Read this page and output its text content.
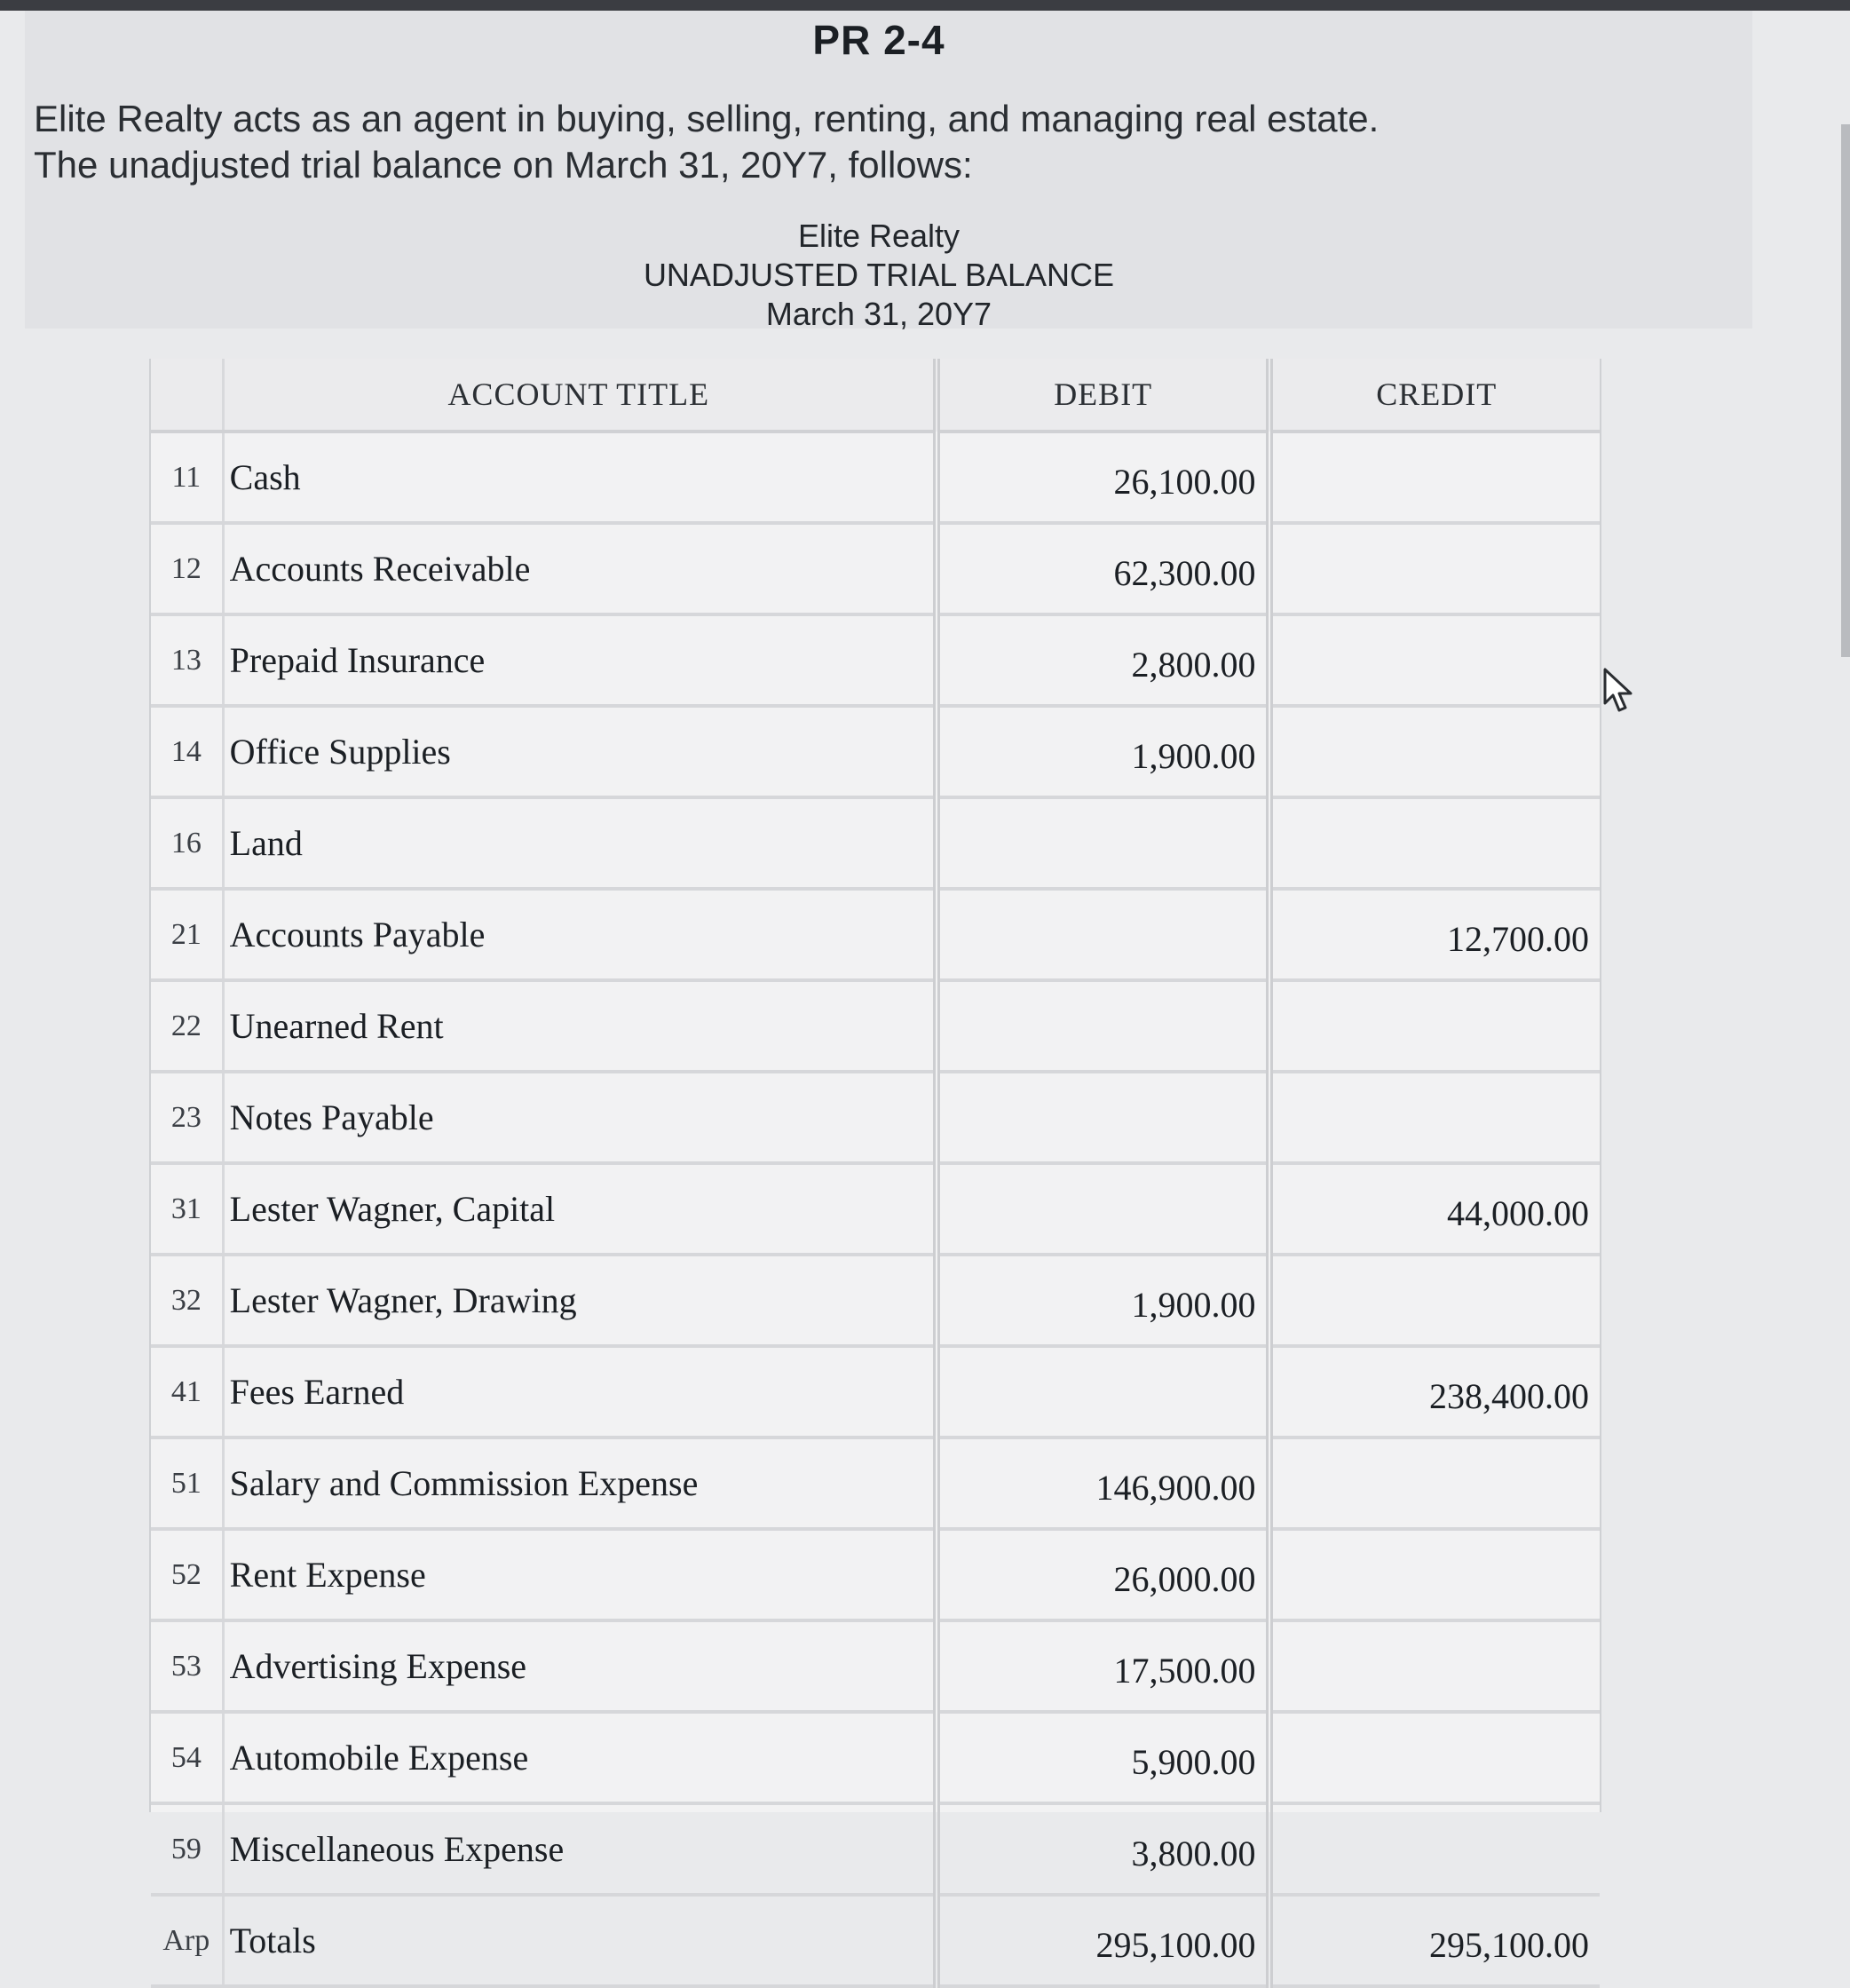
PR 2-4
Elite Realty acts as an agent in buying, selling, renting, and managing real estate.
The unadjusted trial balance on March 31, 20Y7, follows:
Elite Realty
UNADJUSTED TRIAL BALANCE
March 31, 20Y7
	ACCOUNT TITLE	DEBIT	CREDIT
11	Cash	26,100.00	
12	Accounts Receivable	62,300.00	
13	Prepaid Insurance	2,800.00	
14	Office Supplies	1,900.00	
16	Land		
21	Accounts Payable		12,700.00
22	Unearned Rent		
23	Notes Payable		
31	Lester Wagner, Capital		44,000.00
32	Lester Wagner, Drawing	1,900.00	
41	Fees Earned		238,400.00
51	Salary and Commission Expense	146,900.00	
52	Rent Expense	26,000.00	
53	Advertising Expense	17,500.00	
54	Automobile Expense	5,900.00	
59	Miscellaneous Expense	3,800.00	
Arp	Totals	295,100.00	295,100.00
